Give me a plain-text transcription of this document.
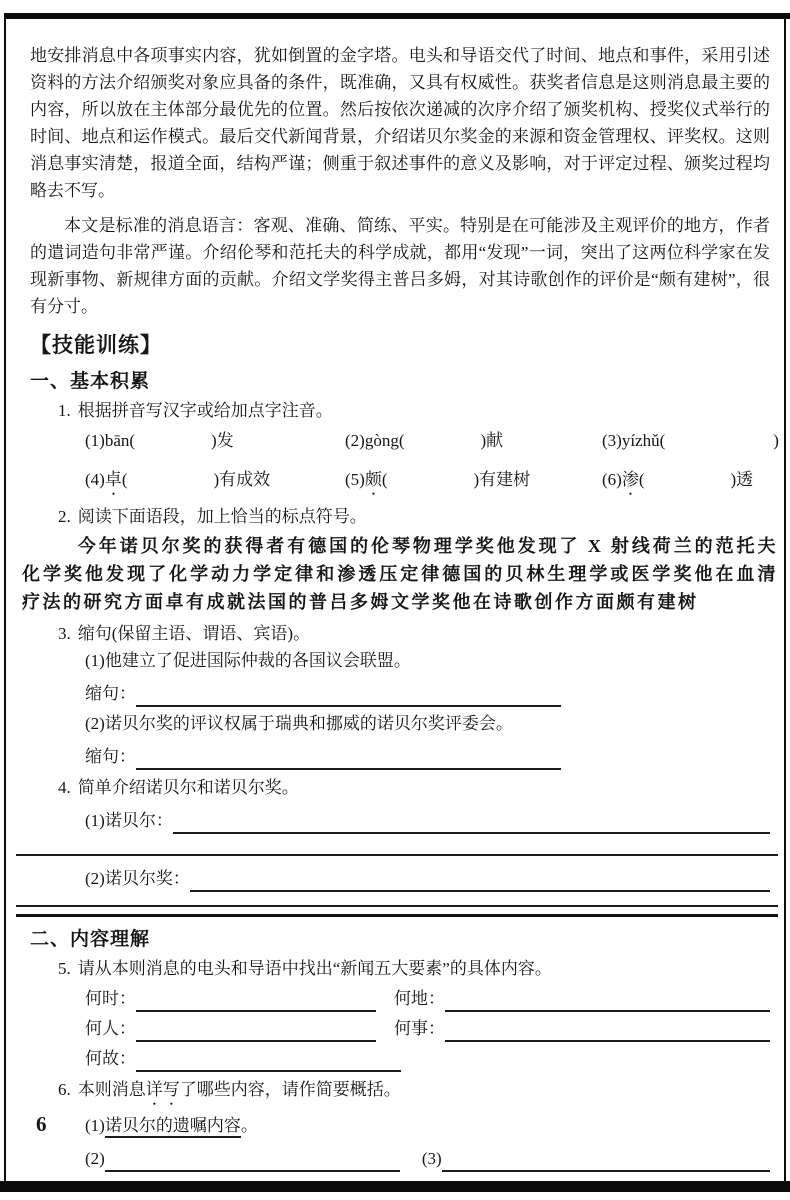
地安排消息中各项事实内容，犹如倒置的金字塔。电头和导语交代了时间、地点和事件，采用引述资料的方法介绍颁奖对象应具备的条件，既准确，又具有权威性。获奖者信息是这则消息最主要的内容，所以放在主体部分最优先的位置。然后按依次递减的次序介绍了颁奖机构、授奖仪式举行的时间、地点和运作模式。最后交代新闻背景，介绍诺贝尔奖金的来源和资金管理权、评奖权。这则消息事实清楚，报道全面，结构严谨；侧重于叙述事件的意义及影响，对于评定过程、颁奖过程均略去不写。

本文是标准的消息语言：客观、准确、简练、平实。特别是在可能涉及主观评价的地方，作者的遣词造句非常严谨。介绍伦琴和范托夫的科学成就，都用“发现”一词，突出了这两位科学家在发现新事物、新规律方面的贡献。介绍文学奖得主普吕多姆，对其诗歌创作的评价是“颇有建树”，很有分寸。

【技能训练】
一、基本积累
1. 根据拼音写汉字或给加点字注音。
(1)bān(	)发	(2)gòng(	)献	(3)yízhǔ(	)
(4)卓(	)有成效	(5)颇(	)有建树	(6)渗(	)透
2. 阅读下面语段，加上恰当的标点符号。

今年诺贝尔奖的获得者有德国的伦琴物理学奖他发现了 X 射线荷兰的范托夫化学奖他发现了化学动力学定律和渗透压定律德国的贝林生理学或医学奖他在血清疗法的研究方面卓有成就法国的普吕多姆文学奖他在诗歌创作方面颇有建树

3. 缩句(保留主语、谓语、宾语)。
(1)他建立了促进国际仲裁的各国议会联盟。
缩句：
(2)诺贝尔奖的评议权属于瑞典和挪威的诺贝尔奖评委会。
缩句：
4. 简单介绍诺贝尔和诺贝尔奖。
(1)诺贝尔：
(2)诺贝尔奖：
二、内容理解
5. 请从本则消息的电头和导语中找出“新闻五大要素”的具体内容。
何时：	何地：
何人：	何事：
何故：
6. 本则消息详写了哪些内容，请作简要概括。
(1)诺贝尔的遗嘱内容。
(2)	(3)
6
